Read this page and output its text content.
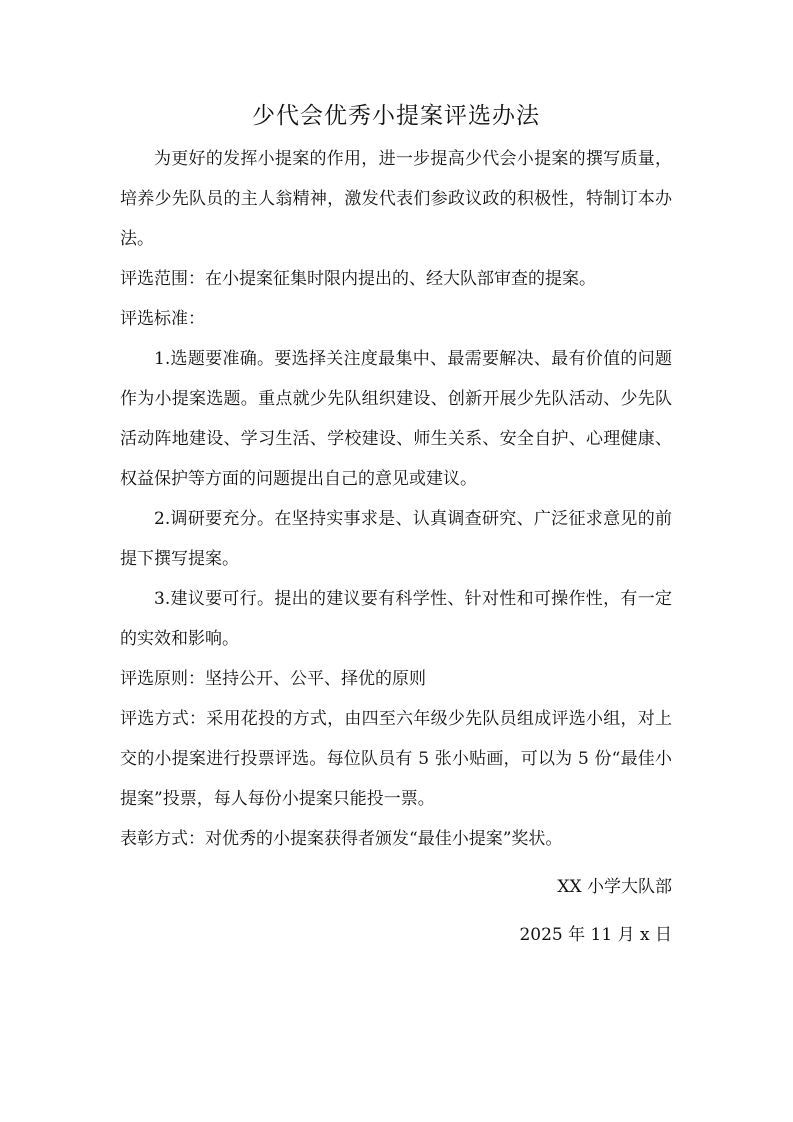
少代会优秀小提案评选办法

为更好的发挥小提案的作用，进一步提高少代会小提案的撰写质量，培养少先队员的主人翁精神，激发代表们参政议政的积极性，特制订本办法。

评选范围：在小提案征集时限内提出的、经大队部审查的提案。

评选标准：

1.选题要准确。要选择关注度最集中、最需要解决、最有价值的问题作为小提案选题。重点就少先队组织建设、创新开展少先队活动、少先队活动阵地建设、学习生活、学校建设、师生关系、安全自护、心理健康、权益保护等方面的问题提出自己的意见或建议。

2.调研要充分。在坚持实事求是、认真调查研究、广泛征求意见的前提下撰写提案。

3.建议要可行。提出的建议要有科学性、针对性和可操作性，有一定的实效和影响。

评选原则：坚持公开、公平、择优的原则

评选方式：采用花投的方式，由四至六年级少先队员组成评选小组，对上交的小提案进行投票评选。每位队员有 5 张小贴画，可以为 5 份“最佳小提案”投票，每人每份小提案只能投一票。

表彰方式：对优秀的小提案获得者颁发“最佳小提案”奖状。

XX 小学大队部

2025 年 11 月 x 日
